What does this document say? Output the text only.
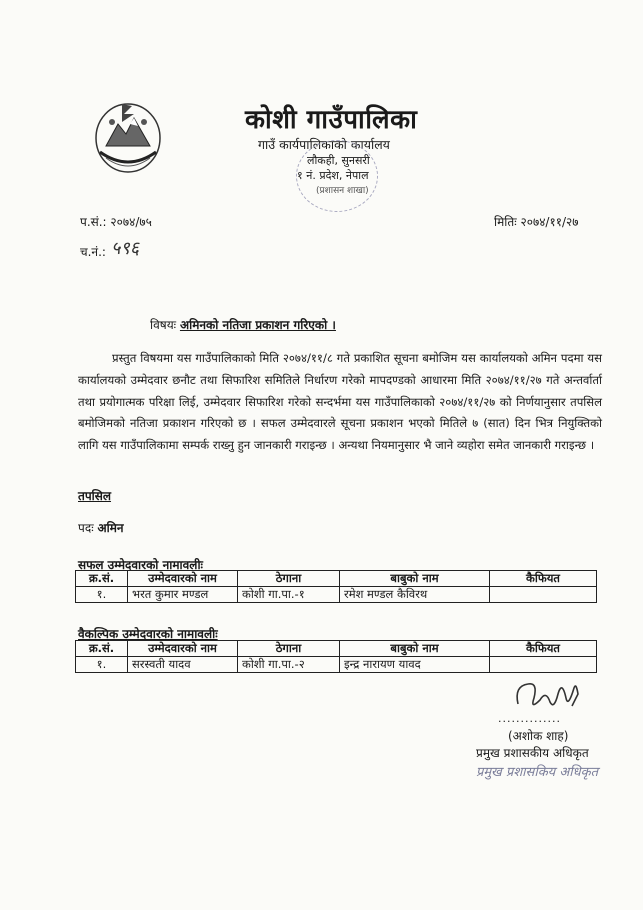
कोशी गाउँपालिका
गाउँ कार्यपालिकाको कार्यालय
लौकही, सुनसरी
१ नं. प्रदेश, नेपाल
(प्रशासन शाखा)
प.सं.: २०७४/७५
च.नं.: ५९६
मितिः २०७४/११/२७
विषयः अमिनको नतिजा प्रकाशन गरिएको ।
प्रस्तुत विषयमा यस गाउँपालिकाको मिति २०७४/११/८ गते प्रकाशित सूचना बमोजिम यस कार्यालयको अमिन पदमा यस कार्यालयको उम्मेदवार छनौट तथा सिफारिश समितिले निर्धारण गरेको मापदण्डको आधारमा मिति २०७४/११/२७ गते अन्तर्वार्ता तथा प्रयोगात्मक परिक्षा लिई, उम्मेदवार सिफारिश गरेको सन्दर्भमा यस गाउँपालिकाको २०७४/११/२७ को निर्णयानुसार तपसिल बमोजिमको नतिजा प्रकाशन गरिएको छ । सफल उम्मेदवारले सूचना प्रकाशन भएको मितिले ७ (सात) दिन भित्र नियुक्तिको लागि यस गाउँपालिकामा सम्पर्क राख्नु हुन जानकारी गराइन्छ । अन्यथा नियमानुसार भै जाने व्यहोरा समेत जानकारी गराइन्छ ।
तपसिल
पदः अमिन
सफल उम्मेदवारको नामावलीः
क्र.सं.	उम्मेदवारको नाम	ठेगाना	बाबुको नाम	कैफियत
१.	भरत कुमार मण्डल	कोशी गा.पा.-१	रमेश मण्डल कैविरथ	
वैकल्पिक उम्मेदवारको नामावलीः
क्र.सं.	उम्मेदवारको नाम	ठेगाना	बाबुको नाम	कैफियत
१.	सरस्वती यादव	कोशी गा.पा.-२	इन्द्र नारायण यावद	
..............
(अशोक शाह)
प्रमुख प्रशासकीय अधिकृत
प्रमुख प्रशासकिय अधिकृत
